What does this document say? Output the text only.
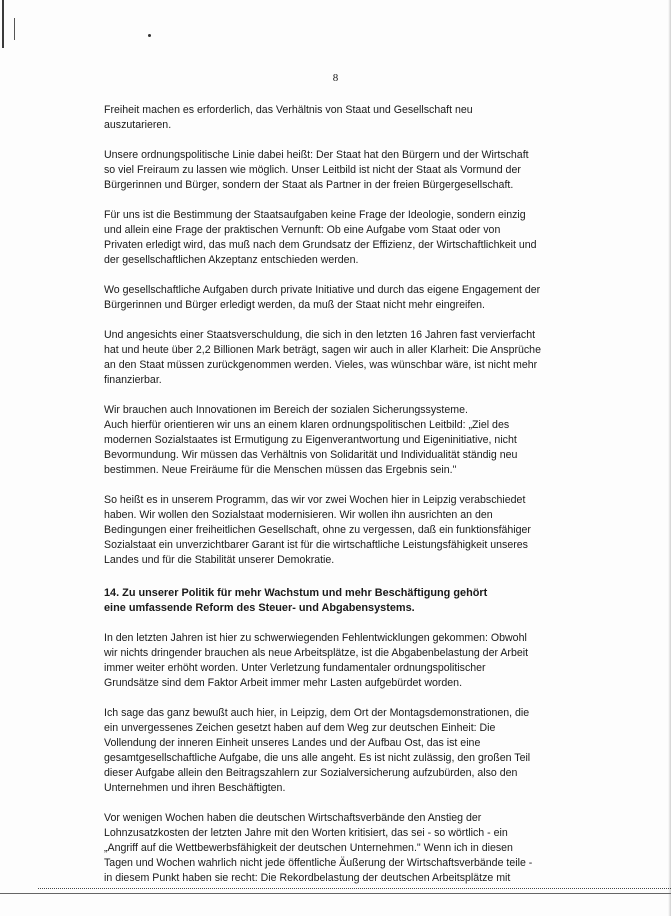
8

Freiheit machen es erforderlich, das Verhältnis von Staat und Gesellschaft neu
auszutarieren.

Unsere ordnungspolitische Linie dabei heißt: Der Staat hat den Bürgern und der Wirtschaft
so viel Freiraum zu lassen wie möglich. Unser Leitbild ist nicht der Staat als Vormund der
Bürgerinnen und Bürger, sondern der Staat als Partner in der freien Bürgergesellschaft.

Für uns ist die Bestimmung der Staatsaufgaben keine Frage der Ideologie, sondern einzig
und allein eine Frage der praktischen Vernunft: Ob eine Aufgabe vom Staat oder von
Privaten erledigt wird, das muß nach dem Grundsatz der Effizienz, der Wirtschaftlichkeit und
der gesellschaftlichen Akzeptanz entschieden werden.

Wo gesellschaftliche Aufgaben durch private Initiative und durch das eigene Engagement der
Bürgerinnen und Bürger erledigt werden, da muß der Staat nicht mehr eingreifen.

Und angesichts einer Staatsverschuldung, die sich in den letzten 16 Jahren fast vervierfacht
hat und heute über 2,2 Billionen Mark beträgt, sagen wir auch in aller Klarheit: Die Ansprüche
an den Staat müssen zurückgenommen werden. Vieles, was wünschbar wäre, ist nicht mehr
finanzierbar.

Wir brauchen auch Innovationen im Bereich der sozialen Sicherungssysteme.
Auch hierfür orientieren wir uns an einem klaren ordnungspolitischen Leitbild: „Ziel des
modernen Sozialstaates ist Ermutigung zu Eigenverantwortung und Eigeninitiative, nicht
Bevormundung. Wir müssen das Verhältnis von Solidarität und Individualität ständig neu
bestimmen. Neue Freiräume für die Menschen müssen das Ergebnis sein."

So heißt es in unserem Programm, das wir vor zwei Wochen hier in Leipzig verabschiedet
haben. Wir wollen den Sozialstaat modernisieren. Wir wollen ihn ausrichten an den
Bedingungen einer freiheitlichen Gesellschaft, ohne zu vergessen, daß ein funktionsfähiger
Sozialstaat ein unverzichtbarer Garant ist für die wirtschaftliche Leistungsfähigkeit unseres
Landes und für die Stabilität unserer Demokratie.

14. Zu unserer Politik für mehr Wachstum und mehr Beschäftigung gehört
eine umfassende Reform des Steuer- und Abgabensystems.

In den letzten Jahren ist hier zu schwerwiegenden Fehlentwicklungen gekommen: Obwohl
wir nichts dringender brauchen als neue Arbeitsplätze, ist die Abgabenbelastung der Arbeit
immer weiter erhöht worden. Unter Verletzung fundamentaler ordnungspolitischer
Grundsätze sind dem Faktor Arbeit immer mehr Lasten aufgebürdet worden.

Ich sage das ganz bewußt auch hier, in Leipzig, dem Ort der Montagsdemonstrationen, die
ein unvergessenes Zeichen gesetzt haben auf dem Weg zur deutschen Einheit: Die
Vollendung der inneren Einheit unseres Landes und der Aufbau Ost, das ist eine
gesamtgesellschaftliche Aufgabe, die uns alle angeht. Es ist nicht zulässig, den großen Teil
dieser Aufgabe allein den Beitragszahlern zur Sozialversicherung aufzubürden, also den
Unternehmen und ihren Beschäftigten.

Vor wenigen Wochen haben die deutschen Wirtschaftsverbände den Anstieg der
Lohnzusatzkosten der letzten Jahre mit den Worten kritisiert, das sei - so wörtlich - ein
„Angriff auf die Wettbewerbsfähigkeit der deutschen Unternehmen." Wenn ich in diesen
Tagen und Wochen wahrlich nicht jede öffentliche Äußerung der Wirtschaftsverbände teile -
in diesem Punkt haben sie recht: Die Rekordbelastung der deutschen Arbeitsplätze mit
